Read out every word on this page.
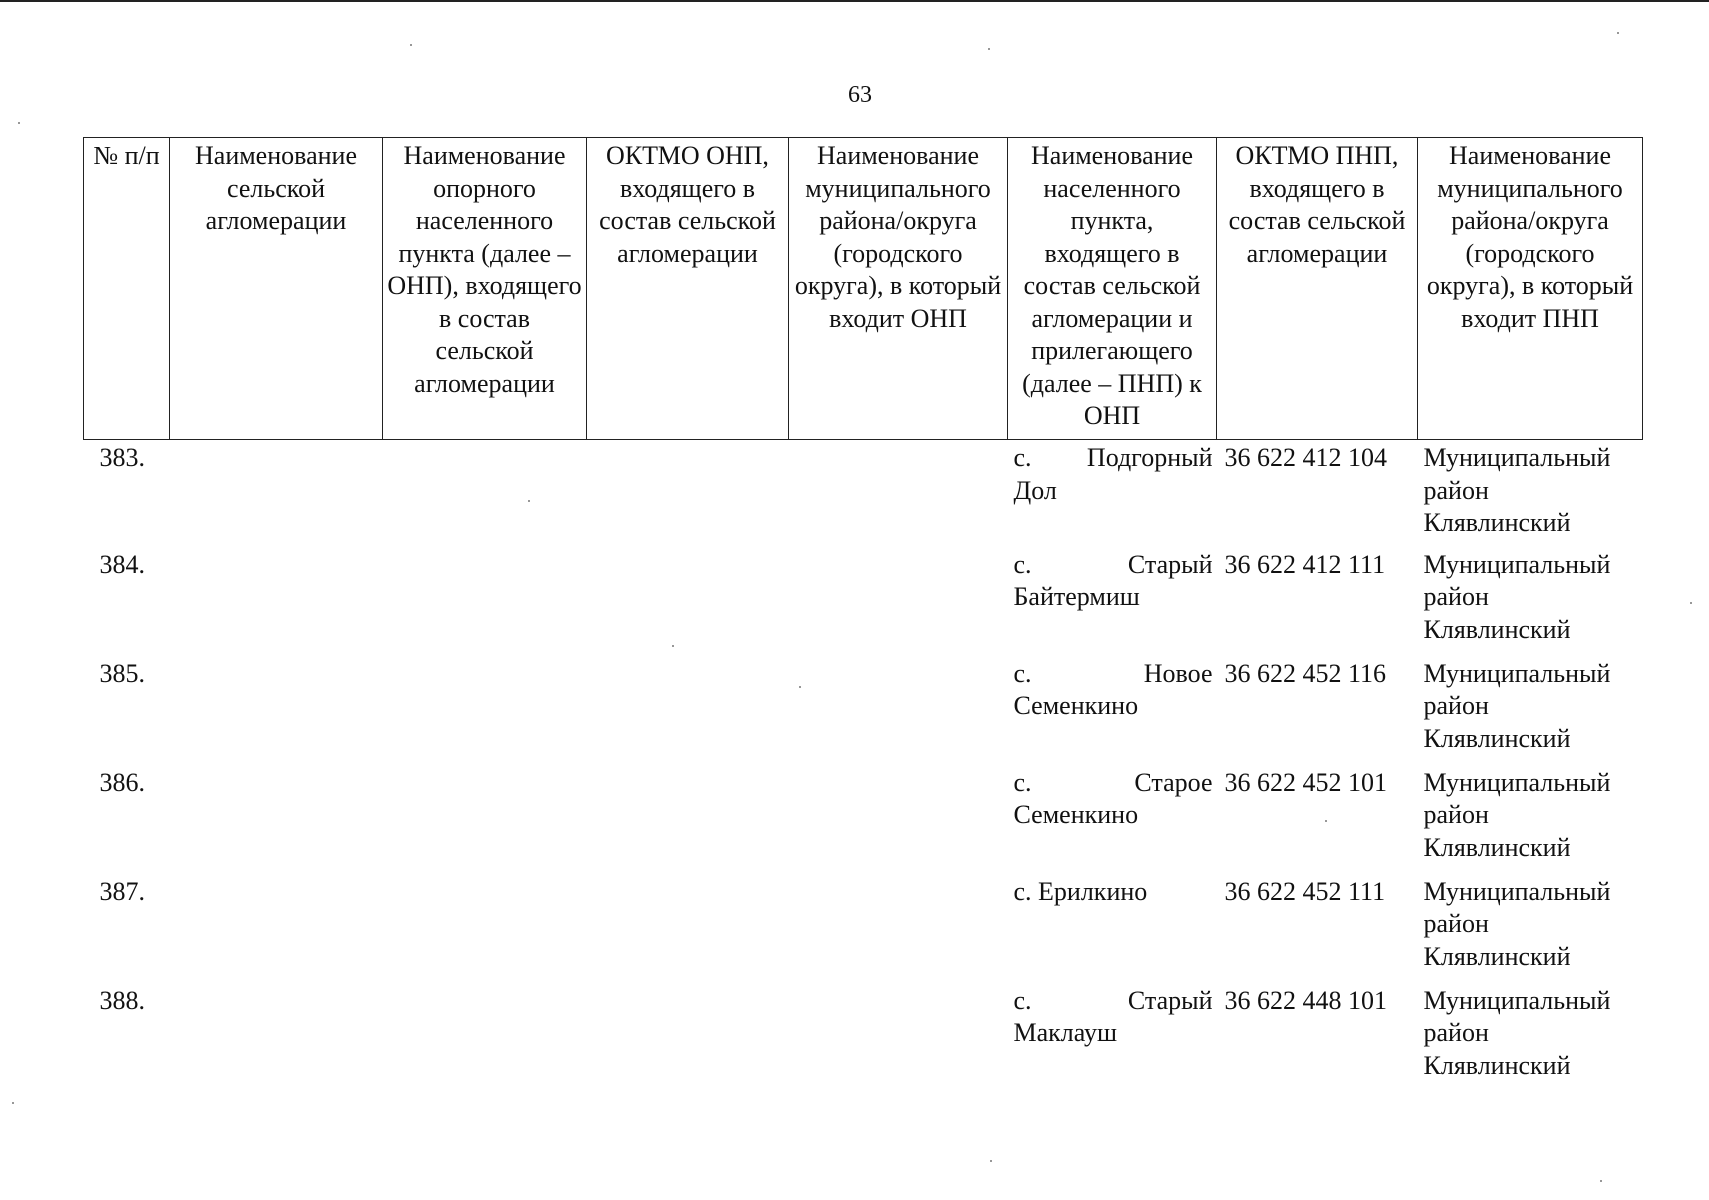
63
№ п/п	Наименование сельской агломерации	Наименование опорного населенного пункта (далее – ОНП), входящего в состав сельской агломерации	ОКТМО ОНП, входящего в состав сельской агломерации	Наименование муниципального района/округа (городского округа), в который входит ОНП	Наименование населенного пункта, входящего в состав сельской агломерации и прилегающего (далее – ПНП) к ОНП	ОКТМО ПНП, входящего в состав сельской агломерации	Наименование муниципального района/округа (городского округа), в который входит ПНП
383.					с. Подгорный Дол	36 622 412 104	Муниципальный район Клявлинский
384.					с. Старый Байтермиш	36 622 412 111	Муниципальный район Клявлинский
385.					с. Новое Семенкино	36 622 452 116	Муниципальный район Клявлинский
386.					с. Старое Семенкино	36 622 452 101	Муниципальный район Клявлинский
387.					с. Ерилкино	36 622 452 111	Муниципальный район Клявлинский
388.					с. Старый Маклауш	36 622 448 101	Муниципальный район Клявлинский
